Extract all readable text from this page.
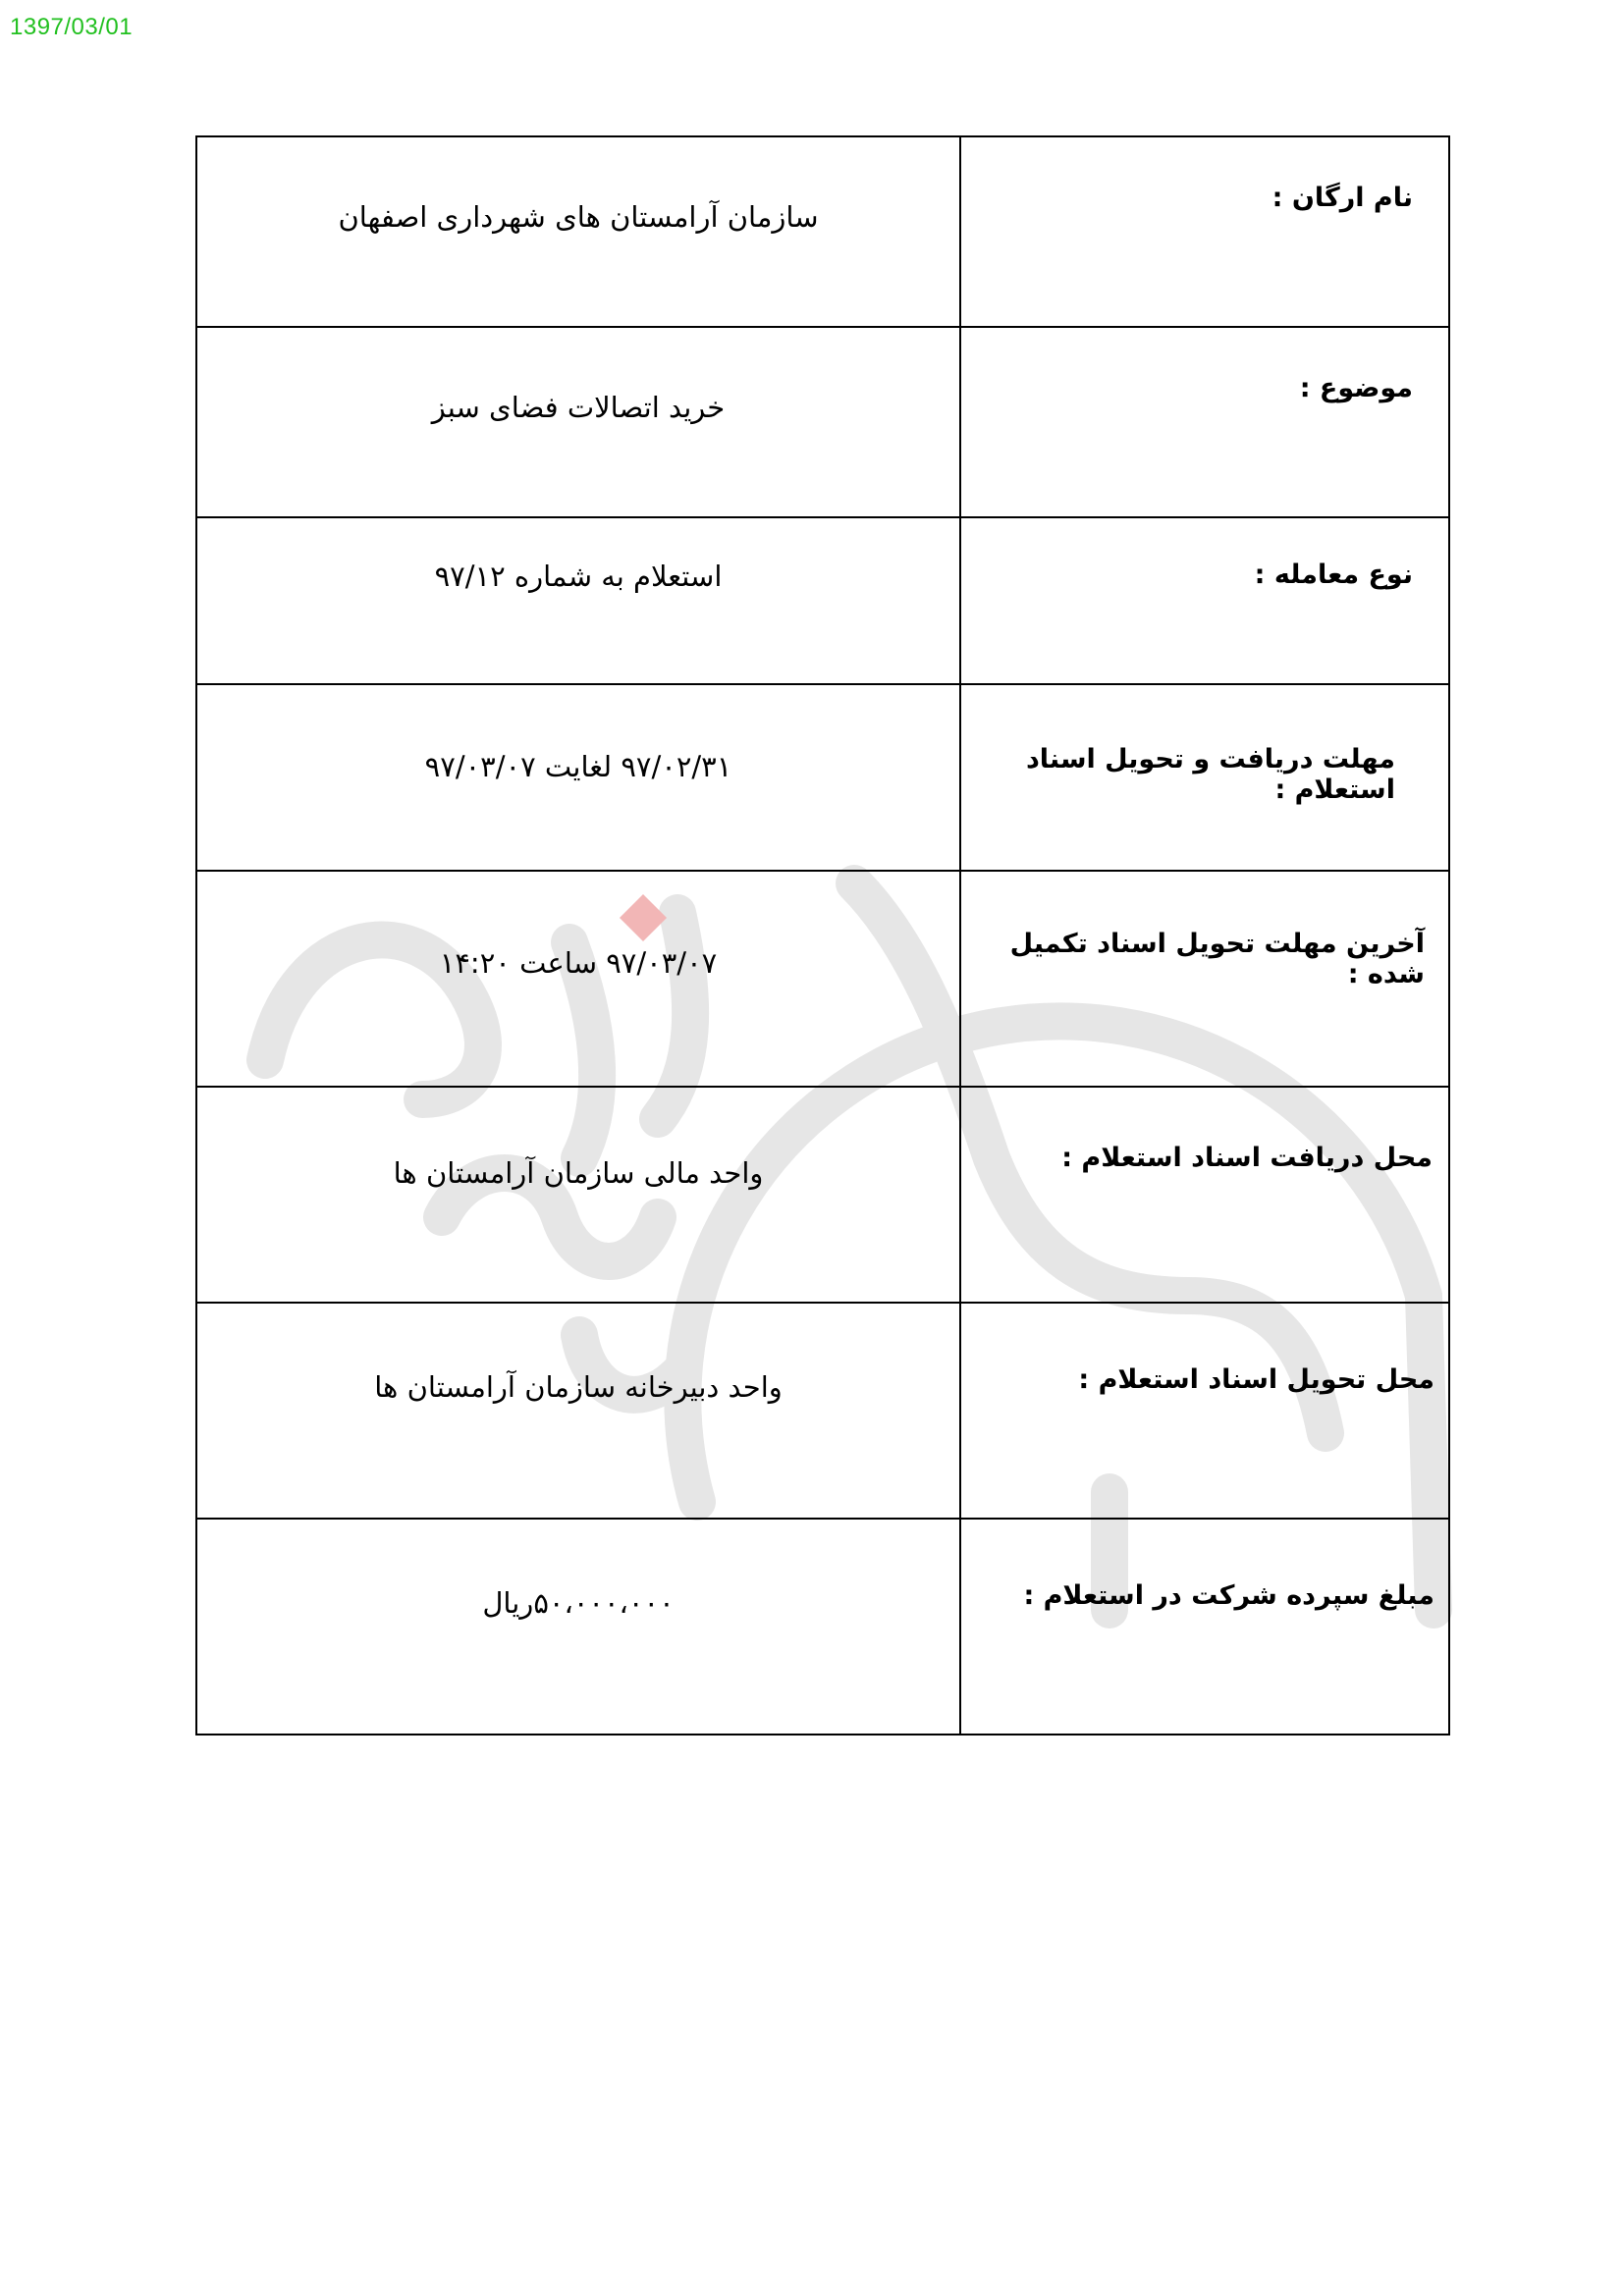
1397/03/01
نام ارگان :	سازمان آرامستان های شهرداری اصفهان

موضوع :	خرید اتصالات فضای سبز

نوع معامله :	استعلام به شماره ۹۷/۱۲

مهلت دریافت و تحویل اسناد استعلام :	۹۷/۰۲/۳۱ لغایت ۹۷/۰۳/۰۷

آخرین مهلت تحویل اسناد تکمیل شده :	۹۷/۰۳/۰۷ ساعت ۱۴:۲۰

محل دریافت اسناد استعلام :	واحد مالی سازمان آرامستان ها

محل تحویل اسناد استعلام :	واحد دبیرخانه سازمان آرامستان ها

مبلغ سپرده شرکت در استعلام :	۵۰،۰۰۰،۰۰۰ریال
